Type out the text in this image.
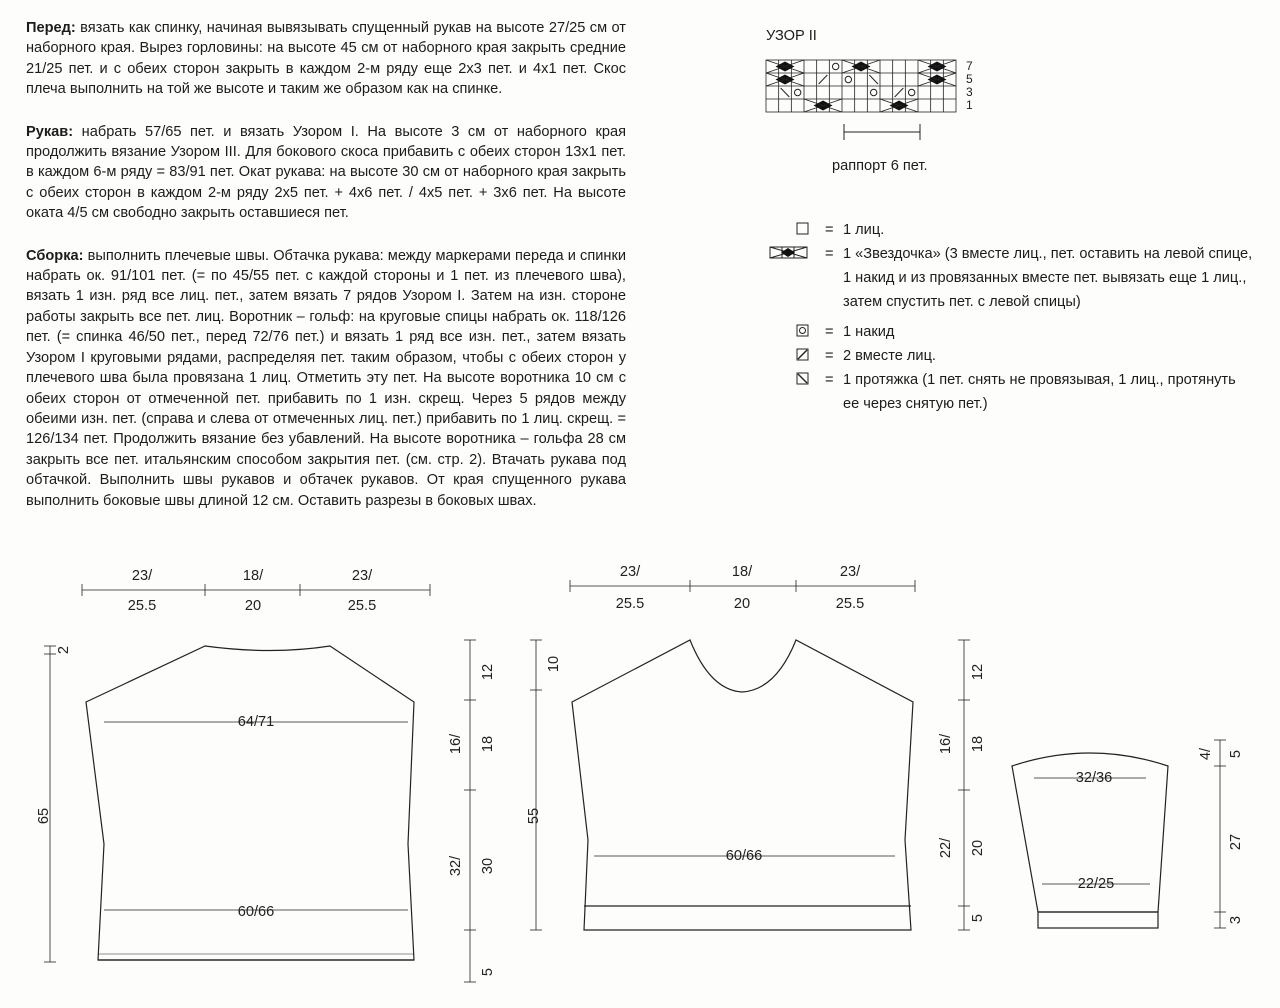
Перед: вязать как спинку, начиная вывязывать спущенный рукав на высоте 27/25 см от наборного края. Вырез горловины: на высоте 45 см от наборного края закрыть средние 21/25 пет. и с обеих сторон закрыть в каждом 2-м ряду еще 2х3 пет. и 4х1 пет. Скос плеча выполнить на той же высоте и таким же образом как на спинке.

Рукав: набрать 57/65 пет. и вязать Узором I. На высоте 3 см от наборного края продолжить вязание Узором III. Для бокового скоса прибавить с обеих сторон 13х1 пет. в каждом 6-м ряду = 83/91 пет. Окат рукава: на высоте 30 см от наборного края закрыть с обеих сторон в каждом 2-м ряду 2х5 пет. + 4х6 пет. / 4х5 пет. + 3х6 пет. На высоте оката 4/5 см свободно закрыть оставшиеся пет.

Сборка: выполнить плечевые швы. Обтачка рукава: между маркерами переда и спинки набрать ок. 91/101 пет. (= по 45/55 пет. с каждой стороны и 1 пет. из плечевого шва), вязать 1 изн. ряд все лиц. пет., затем вязать 7 рядов Узором I. Затем на изн. стороне работы закрыть все пет. лиц. Воротник – гольф: на круговые спицы набрать ок. 118/126 пет. (= спинка 46/50 пет., перед 72/76 пет.) и вязать 1 ряд все изн. пет., затем вязать Узором I круговыми рядами, распределяя пет. таким образом, чтобы с обеих сторон у плечевого шва была провязана 1 лиц. Отметить эту пет. На высоте воротника 10 см с обеих сторон от отмеченной пет. прибавить по 1 изн. скрещ. Через 5 рядов между обеими изн. пет. (справа и слева от отмеченных лиц. пет.) прибавить по 1 лиц. скрещ. = 126/134 пет. Продолжить вязание без убавлений. На высоте воротника – гольфа 28 см закрыть все пет. итальянским способом закрытия пет. (см. стр. 2). Втачать рукава под обтачкой. Выполнить швы рукавов и обтачек рукавов. От края спущенного рукава выполнить боковые швы длиной 12 см. Оставить разрезы в боковых швах.

УЗОР II
7
5
3
1
раппорт 6 пет.
= 1 лиц.
= 1 «Звездочка» (3 вместе лиц., пет. оставить на левой спице, 1 накид и из провязанных вместе пет. вывязать еще 1 лиц., затем спустить пет. с левой спицы)
= 1 накид
= 2 вместе лиц.
= 1 протяжка (1 пет. снять не провязывая, 1 лиц., протянуть ее через снятую пет.)
23/
25.5
18/
20
23/
25.5
64/71
60/66
23/
25.5
18/
20
23/
25.5
60/66
32/36
22/25
2
65
12
16/ 18
32/ 30
5
10
55
12
16/ 18
22/ 20
5
4/ 5
27
3
